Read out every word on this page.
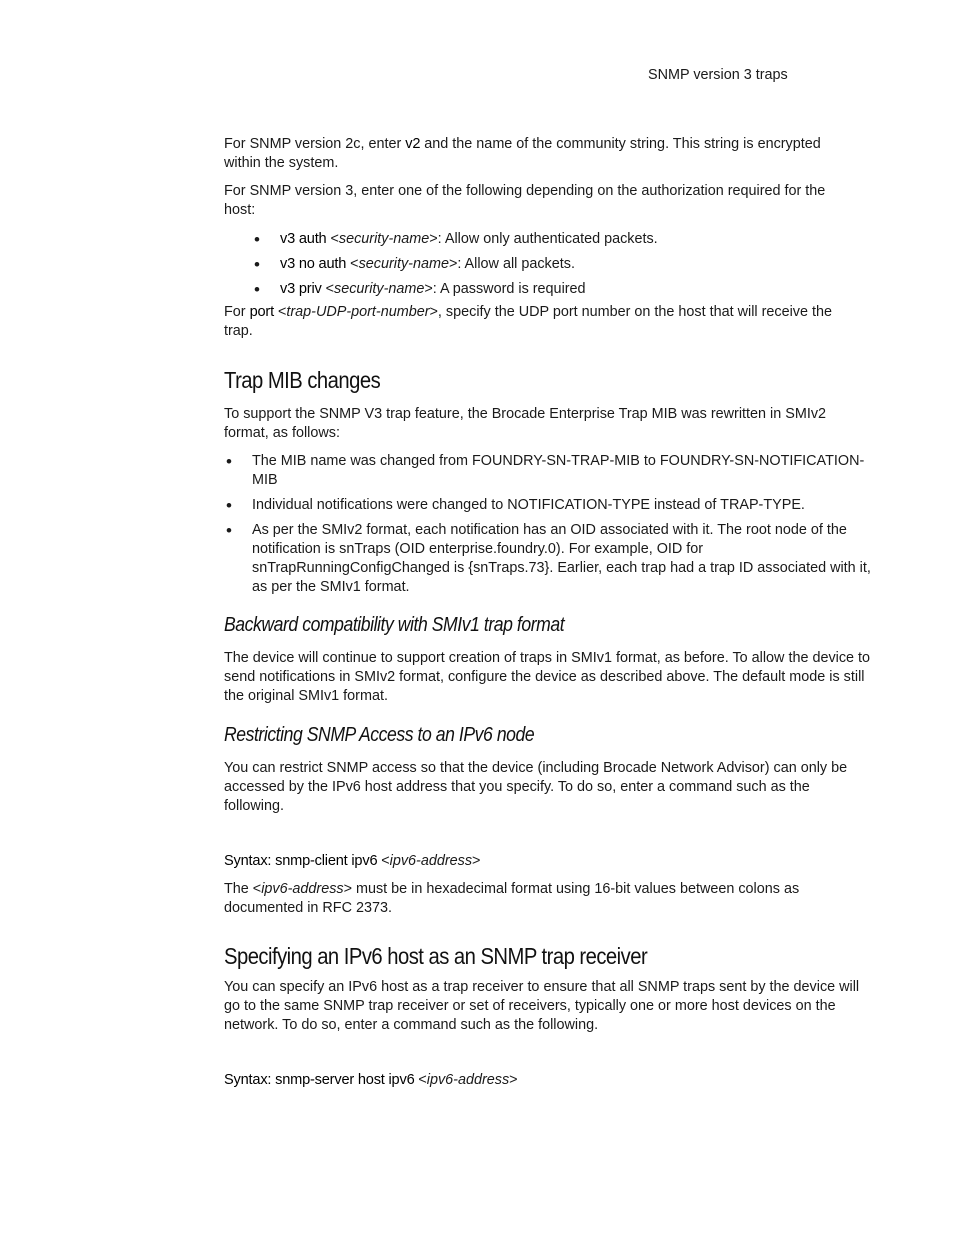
SNMP version 3 traps

For SNMP version 2c, enter v2 and the name of the community string. This string is encrypted within the system.

For SNMP version 3, enter one of the following depending on the authorization required for the host:

• v3 auth <security-name>: Allow only authenticated packets.
• v3 no auth <security-name>: Allow all packets.
• v3 priv <security-name>: A password is required

For port <trap-UDP-port-number>, specify the UDP port number on the host that will receive the trap.

Trap MIB changes

To support the SNMP V3 trap feature, the Brocade Enterprise Trap MIB was rewritten in SMIv2 format, as follows:

• The MIB name was changed from FOUNDRY-SN-TRAP-MIB to FOUNDRY-SN-NOTIFICATION-MIB
• Individual notifications were changed to NOTIFICATION-TYPE instead of TRAP-TYPE.
• As per the SMIv2 format, each notification has an OID associated with it. The root node of the notification is snTraps (OID enterprise.foundry.0). For example, OID for snTrapRunningConfigChanged is {snTraps.73}. Earlier, each trap had a trap ID associated with it, as per the SMIv1 format.
Backward compatibility with SMIv1 trap format

The device will continue to support creation of traps in SMIv1 format, as before. To allow the device to send notifications in SMIv2 format, configure the device as described above. The default mode is still the original SMIv1 format.

Restricting SNMP Access to an IPv6 node

You can restrict SNMP access so that the device (including Brocade Network Advisor) can only be accessed by the IPv6 host address that you specify. To do so, enter a command such as the following.

Syntax: snmp-client ipv6 <ipv6-address>

The <ipv6-address> must be in hexadecimal format using 16-bit values between colons as documented in RFC 2373.

Specifying an IPv6 host as an SNMP trap receiver

You can specify an IPv6 host as a trap receiver to ensure that all SNMP traps sent by the device will go to the same SNMP trap receiver or set of receivers, typically one or more host devices on the network. To do so, enter a command such as the following.

Syntax: snmp-server host ipv6 <ipv6-address>
